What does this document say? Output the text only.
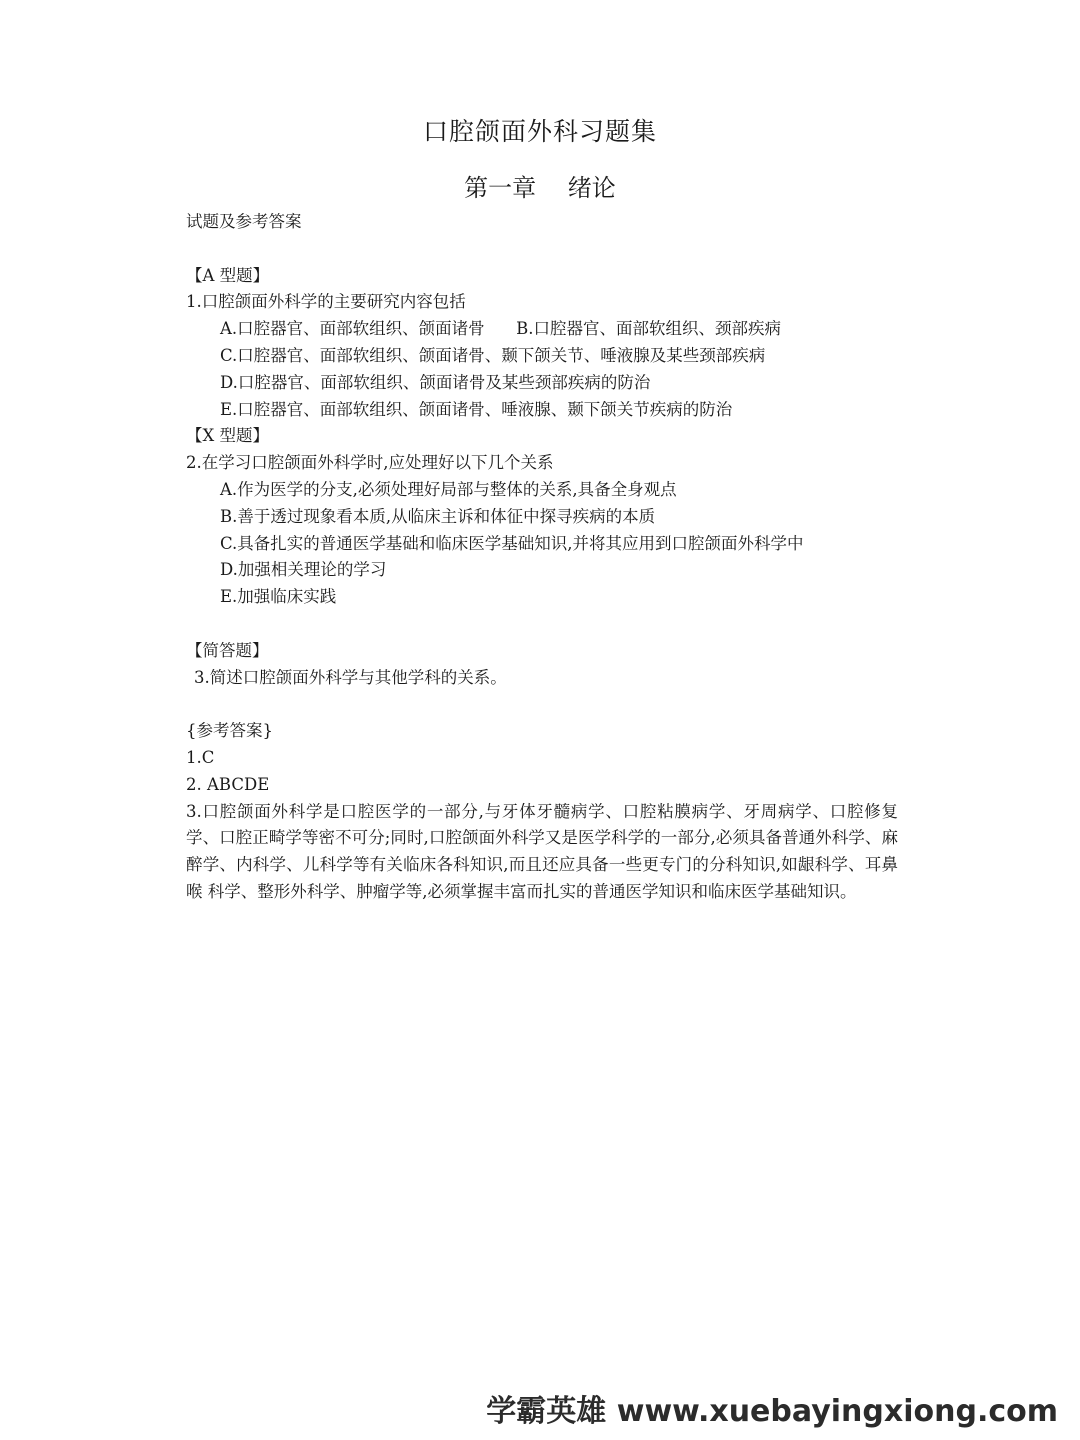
口腔颌面外科习题集
第一章　 绪论
试题及参考答案
【A 型题】
1.口腔颌面外科学的主要研究内容包括
A.口腔器官、面部软组织、颌面诸骨      B.口腔器官、面部软组织、颈部疾病
C.口腔器官、面部软组织、颌面诸骨、颞下颌关节、唾液腺及某些颈部疾病
D.口腔器官、面部软组织、颌面诸骨及某些颈部疾病的防治
E.口腔器官、面部软组织、颌面诸骨、唾液腺、颞下颌关节疾病的防治
【X 型题】
2.在学习口腔颌面外科学时,应处理好以下几个关系
A.作为医学的分支,必须处理好局部与整体的关系,具备全身观点
B.善于透过现象看本质,从临床主诉和体征中探寻疾病的本质
C.具备扎实的普通医学基础和临床医学基础知识,并将其应用到口腔颌面外科学中
D.加强相关理论的学习
E.加强临床实践
【简答题】
3.简述口腔颌面外科学与其他学科的关系。
{参考答案}
1.C
2. ABCDE
3.口腔颌面外科学是口腔医学的一部分,与牙体牙髓病学、口腔粘膜病学、牙周病学、口腔修复 学、口腔正畸学等密不可分;同时,口腔颌面外科学又是医学科学的一部分,必须具备普通外科学、麻 醉学、内科学、儿科学等有关临床各科知识,而且还应具备一些更专门的分科知识,如龈科学、耳鼻喉 科学、整形外科学、肿瘤学等,必须掌握丰富而扎实的普通医学知识和临床医学基础知识。
学霸英雄 www.xuebayingxiong.com
